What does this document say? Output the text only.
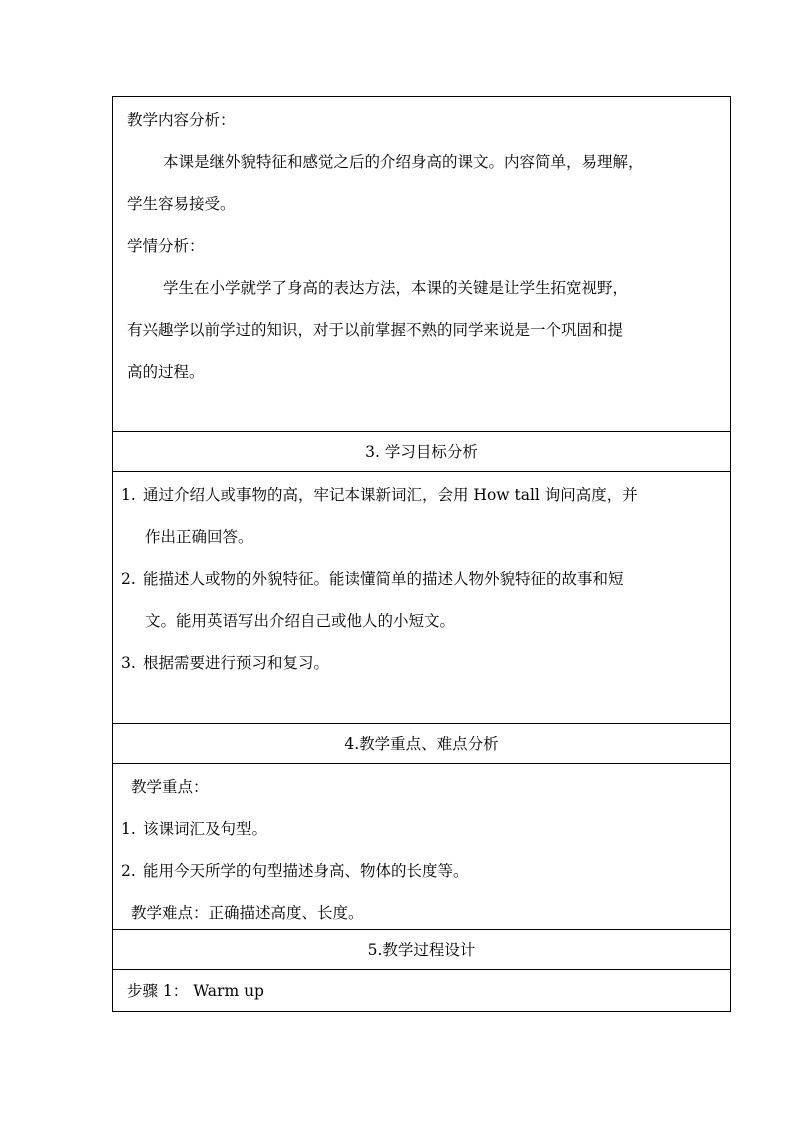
教学内容分析：
本课是继外貌特征和感觉之后的介绍身高的课文。内容简单，易理解，
学生容易接受。
学情分析：
学生在小学就学了身高的表达方法，本课的关键是让学生拓宽视野，
有兴趣学以前学过的知识，对于以前掌握不熟的同学来说是一个巩固和提
高的过程。
3. 学习目标分析
1. 通过介绍人或事物的高，牢记本课新词汇，会用 How tall 询问高度，并
作出正确回答。
2. 能描述人或物的外貌特征。能读懂简单的描述人物外貌特征的故事和短
文。能用英语写出介绍自己或他人的小短文。
3. 根据需要进行预习和复习。
4.教学重点、难点分析
教学重点：
1. 该课词汇及句型。
2. 能用今天所学的句型描述身高、物体的长度等。
教学难点：正确描述高度、长度。
5.教学过程设计
步骤 1： Warm up
